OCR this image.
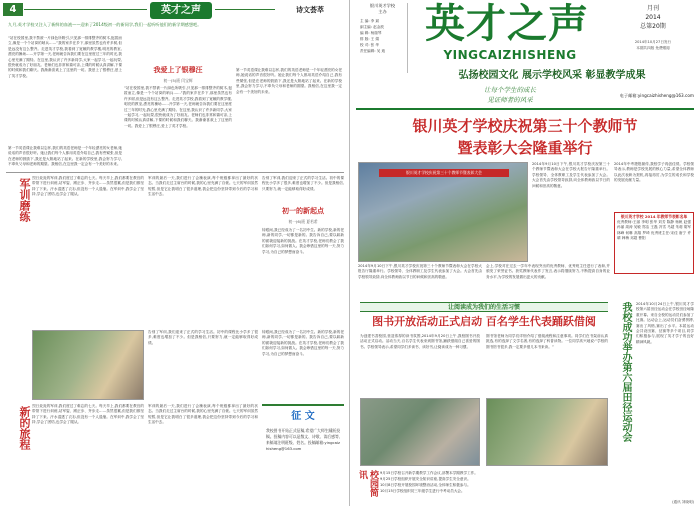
4	英才之声	诗文荟萃
九月,英才学校又注入了新鲜的血液——迎来了2014级初一的新同学,我们一起听听他们的新学期感想吧。
“站在校园里,我不禁被一片绿色所吸引,只见那一排排整齐的树木,挺拔而立,像是一个个站岗的哨兵……”我的家乡在乡下,那里虽然也有许多树,但是远没有这么整齐。走进英才学校,我看到了宽敞的教学楼,明亮的教室,漂亮的操场……开学第一天,老师就告诉我们要在这里度过三年的时光,我心里充满了期待。在这里,我认识了许多新同学,大家一起学习,一起玩耍,很快就成为了好朋友。老师们也非常和蔼可亲,上课的时候认真讲解,下课的时候和我们聊天。我渐渐喜欢上了这里的一切。我爱上了银穆汪,爱上了英才学校。
我爱上了银穆汪
初一(5)班 闫宝辉
“站在校园里,我不禁被一片绿色所吸引,只见那一排排整齐的树木,挺拔而立,像是一个个站岗的哨兵……”我的家乡在乡下,那里虽然也有许多树,但是远没有这么整齐。走进英才学校,我看到了宽敞的教学楼,明亮的教室,漂亮的操场……开学第一天,老师就告诉我们要在这里度过三年的时光,我心里充满了期待。在这里,我认识了许多新同学,大家一起学习,一起玩耍,很快就成为了好朋友。老师们也非常和蔼可亲,上课的时候认真讲解,下课的时候和我们聊天。我渐渐喜欢上了这里的一切。我爱上了银穆汪,爱上了英才学校。
第一节英语课让我难以忘怀,我们的英语老师是一个年轻漂亮的女老师,她说话的声音很好听。她让我们每个人都用英语介绍自己,我有些紧张,但是在老师的鼓励下,我还是大胆地站了起来。在新的学校里,我会努力学习,不辜负父母和老师的期望。我相信,在这里我一定会有一个美好的未来。
第一节英语课让我难以忘怀,我们的英语老师是一个年轻漂亮的女老师,她说话的声音很好听。她让我们每个人都用英语介绍自己,我有些紧张,但是在老师的鼓励下,我还是大胆地站了起来。在新的学校里,我会努力学习,不辜负父母和老师的期望。我相信,在这里我一定会有一个美好的未来。
军训磨练 烈日炎炎的军训,我们度过了难忘的七天。每天早上,我们都要在教官的带领下进行训练,站军姿、踢正步、齐步走……虽然很累,但是我们都坚持了下来。汗水湿透了衣衫,但没有一个人退缩。在军训中,我学会了坚持,学会了团结,也学会了服从。
军训的最后一天,我们进行了会操表演,每个班级都拿出了最好的状态。当我们走过主席台的时候,我的心里充满了自豪。七天的军训虽然短暂,但是它让我明白了很多道理,我会把这份坚持带到今后的学习和生活中去。
告别了军训,我们迎来了正式的学习生活。初中的课程比小学多了很多,难度也增加了不少。但是我相信,只要努力,就一定能够取得好成绩。
初一的新起点
初一(6)班 夏若希
转眼间,我已经成为了一名初中生。新的学校,新的老师,新的同学,一切都是新的。我告诉自己,要以崭新的面貌迎接新的挑战。在英才学校,老师们教会了我们如何学习,如何做人。我会珍惜这里的每一天,努力学习,为自己的梦想而奋斗。
告别了军训,我们迎来了正式的学习生活。初中的课程比小学多了很多,难度也增加了不少。但是我相信,只要努力,就一定能够取得好成绩。
转眼间,我已经成为了一名初中生。新的学校,新的老师,新的同学,一切都是新的。我告诉自己,要以崭新的面貌迎接新的挑战。在英才学校,老师们教会了我们如何学习,如何做人。我会珍惜这里的每一天,努力学习,为自己的梦想而奋斗。
新的旅程 烈日炎炎的军训,我们度过了难忘的七天。每天早上,我们都要在教官的带领下进行训练,站军姿、踢正步、齐步走……虽然很累,但是我们都坚持了下来。汗水湿透了衣衫,但没有一个人退缩。在军训中,我学会了坚持,学会了团结,也学会了服从。
军训的最后一天,我们进行了会操表演,每个班级都拿出了最好的状态。当我们走过主席台的时候,我的心里充满了自豪。七天的军训虽然短暂,但是它让我明白了很多道理,我会把这份坚持带到今后的学习和生活中去。
征 文
我校图书开始正式征稿,希望广大师生踊跃投稿。投稿内容可以是散文、诗歌、读后感等,来稿请注明班级、姓名。投稿邮箱:yingcaizhisheng@163.com
银川英才学校
主办
主 编: 李 斌
副主编: 赵金波
编 辑: 杨瑞琴
排 版: 王 娟
校 对: 张 华
责任编辑: 吴 迪
英才之声
YINGCAIZHISHENG
月刊
2014
总第20期
2014年10月27日发行
本期共四版 免费赠阅
弘扬校园文化 展示学校风采 彰显教学成果
让每个学生的成长
见证师者的风采
电子邮箱:yingcaizhisheng@163.com
银川英才学校庆祝第三十个教师节
暨表彰大会隆重举行
银川英才学校庆祝第三十个教师节暨表彰大会
2014年9月10日下午,银川英才学校庆祝第三十个教师节暨表彰大会在学校大报告厅隆重举行。学校领导、全体教职工及学生代表参加了大会。大会首先由学校领导致辞,向全体教师致以节日的问候和崇高的敬意。
2014年中考捷报频传,我校学子再创佳绩。学校领导表示,教师是学校发展的核心力量,希望全体教师以此次表彰为契机,再接再厉,为学生的成长和学校的发展贡献力量。
银川英才学校 2014 年教师节表彰名单
优秀教师:王丽 李明 张华 刘芳 陈静 杨帆 赵强 孙丽 周涛 吴敏 郑洁 王磊 冯雪 马超 朱莉 胡军 林峰 何琳 高翔 罗琦 优秀班主任:宋佳 唐宁 许晴 韩梅 邓超 曹阳
2014年9月10日下午,银川英才学校庆祝第三十个教师节暨表彰大会在学校大报告厅隆重举行。学校领导、全体教职工及学生代表参加了大会。大会首先由学校领导致辞,向全体教师致以节日的问候和崇高的敬意。
会上,学校对在过去一学年中表现突出的优秀教师、优秀班主任进行了表彰,并颁发了荣誉证书。获奖教师代表作了发言,表示将继续努力,不断提高自身的业务水平,为学校的发展做出更大的贡献。
让阅读成为我们的生活习惯
图书开放活动正式启动 百名学生代表踊跃借阅
为创建书香校园,营造浓厚的读书氛围,2014年9月20日上午,我校图书开放活动正式启动。活动当天,百名学生代表来到图书馆,踊跃借阅自己喜爱的图书。学校领导表示,希望同学们多读书、读好书,让阅读成为一种习惯。
图书馆老师为同学们详细介绍了借阅流程和注意事项。同学们在书架前认真挑选,有的选择了文学名著,有的选择了科普读物。一位同学高兴地说:“学校的图书馆书很多,我一定要多借几本书来读。”	我校成功举办第六届田径运动会	2014年10月24日上午,银川英才学校第六届田径运动会在学校田径场隆重开幕。来自全校的运动员们参加了比赛。运动会上,运动员们奋勇拼搏,赛出了风格,赛出了水平。本届运动会共设田赛、径赛等多个项目,同学们积极参与,展现了英才学子的良好精神风貌。
校园简讯	9月15日学校召开新学期教学工作会议,部署本学期教学工作。
9月25日学校组织开展安全知识讲座,提高学生安全意识。
10月8日学校开展校园环境整治活动,全体师生积极参与。
10月15日学校组织初三年级学生进行中考动员大会。
(通讯 刘晓明)
